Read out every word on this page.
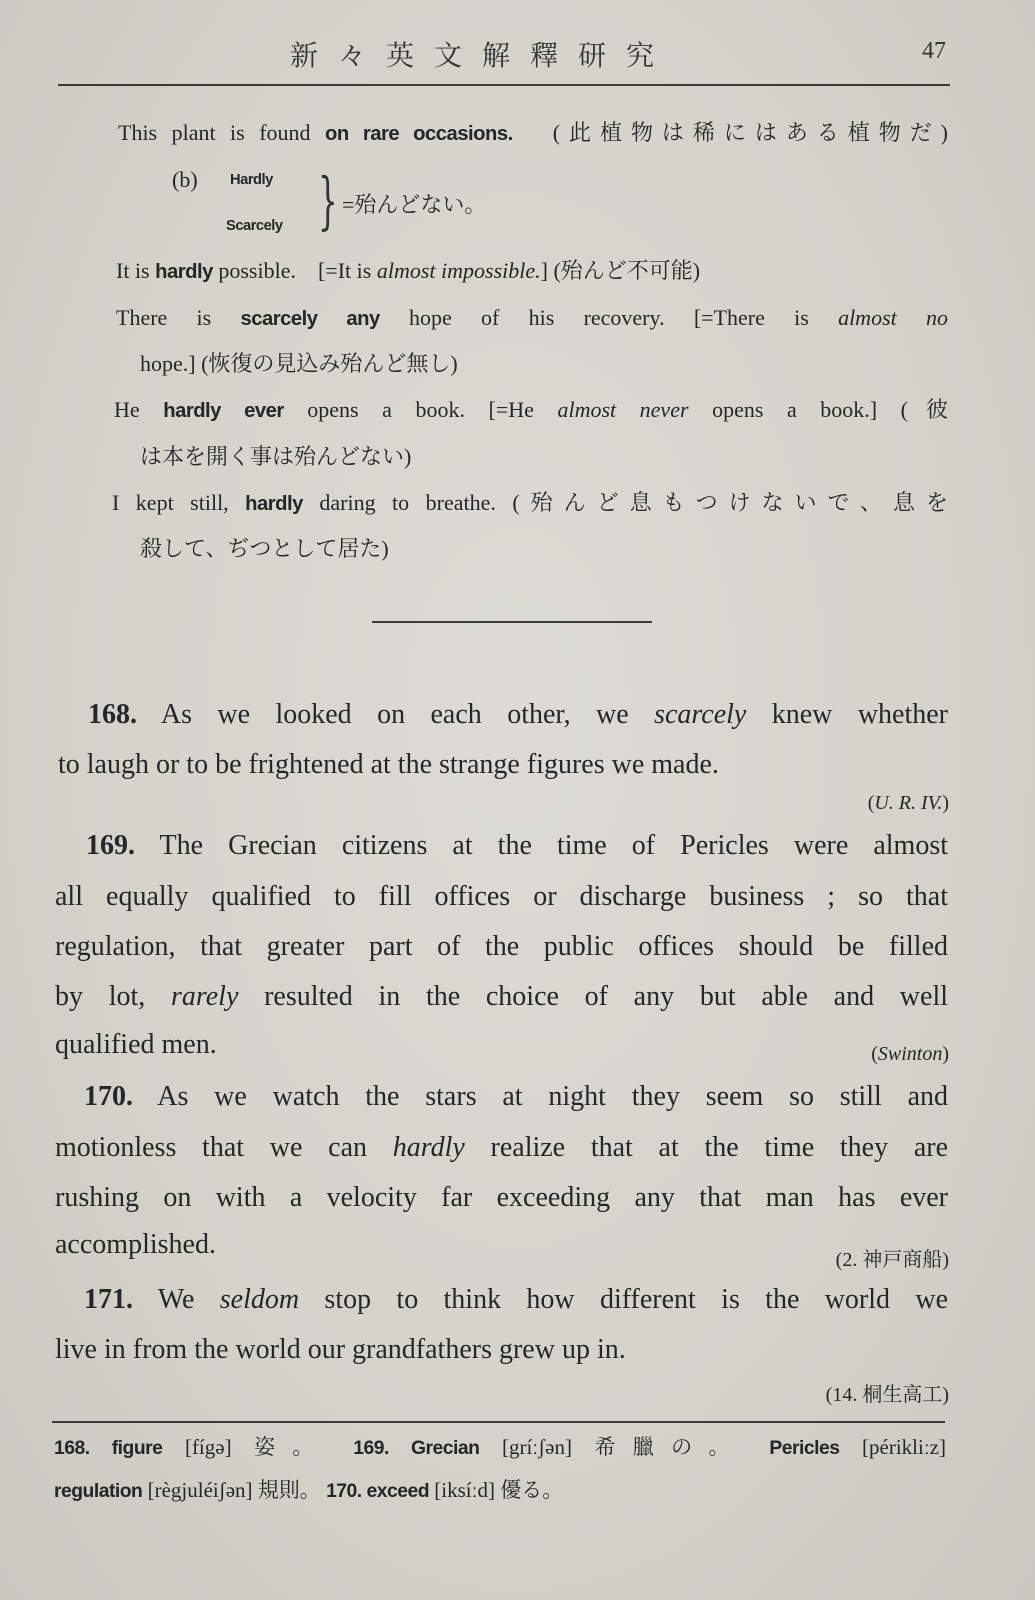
新々英文解釋研究	47
This plant is found on rare occasions.　(此植物は稀にはある植物だ)
(b) Hardly
Scarcely } =殆んどない。
It is hardly possible.　[=It is almost impossible.] (殆んど不可能)
There is scarcely any hope of his recovery. [=There is almost no
hope.] (恢復の見込み殆んど無し)
He hardly ever opens a book. [=He almost never opens a book.] (彼
は本を開く事は殆んどない)
I kept still, hardly daring to breathe. (殆んど息もつけないで、息を
殺して、ぢつとして居た)
168. As we looked on each other, we scarcely knew whether
to laugh or to be frightened at the strange figures we made.
(U. R. IV.)
169. The Grecian citizens at the time of Pericles were almost
all equally qualified to fill offices or discharge business ; so that
regulation, that greater part of the public offices should be filled
by lot, rarely resulted in the choice of any but able and well
qualified men.	(Swinton)
170. As we watch the stars at night they seem so still and
motionless that we can hardly realize that at the time they are
rushing on with a velocity far exceeding any that man has ever
accomplished.	(2. 神戸商船)
171. We seldom stop to think how different is the world we
live in from the world our grandfathers grew up in.
(14. 桐生高工)
168. figure [fígə] 姿。 169. Grecian [gríːʃən] 希臘の。 Pericles [périkliːz]
regulation [règjuléiʃən] 規則。 170. exceed [iksíːd] 優る。
